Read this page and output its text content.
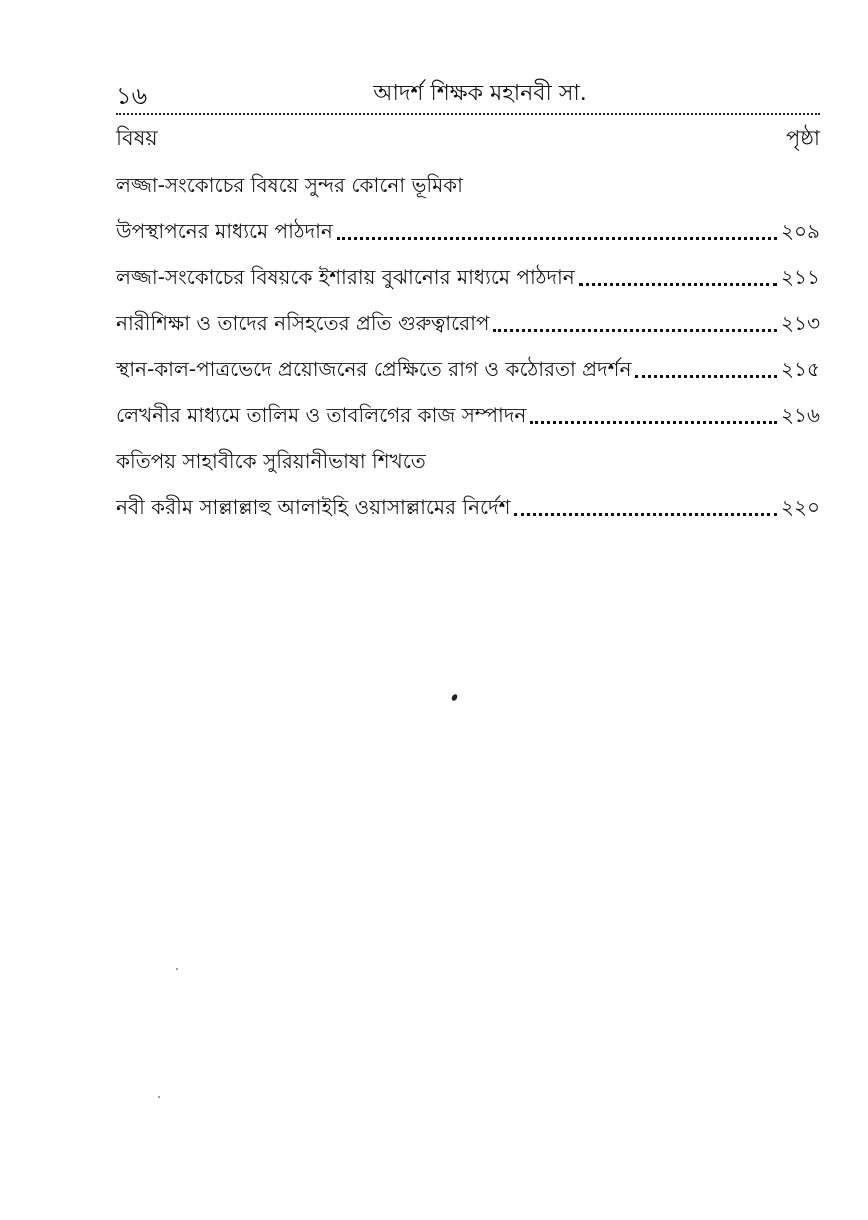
১৬	আদর্শ শিক্ষক মহানবী সা.
বিষয়	পৃষ্ঠা
লজ্জা-সংকোচের বিষয়ে সুন্দর কোনো ভূমিকা
উপস্থাপনের মাধ্যমে পাঠদান	২০৯
লজ্জা-সংকোচের বিষয়কে ইশারায় বুঝানোর মাধ্যমে পাঠদান	২১১
নারীশিক্ষা ও তাদের নসিহতের প্রতি গুরুত্বারোপ	২১৩
স্থান-কাল-পাত্রভেদে প্রয়োজনের প্রেক্ষিতে রাগ ও কঠোরতা প্রদর্শন	২১৫
লেখনীর মাধ্যমে তালিম ও তাবলিগের কাজ সম্পাদন	২১৬
কতিপয় সাহাবীকে সুরিয়ানীভাষা শিখতে
নবী করীম সাল্লাল্লাহু আলাইহি ওয়াসাল্লামের নির্দেশ	২২০
